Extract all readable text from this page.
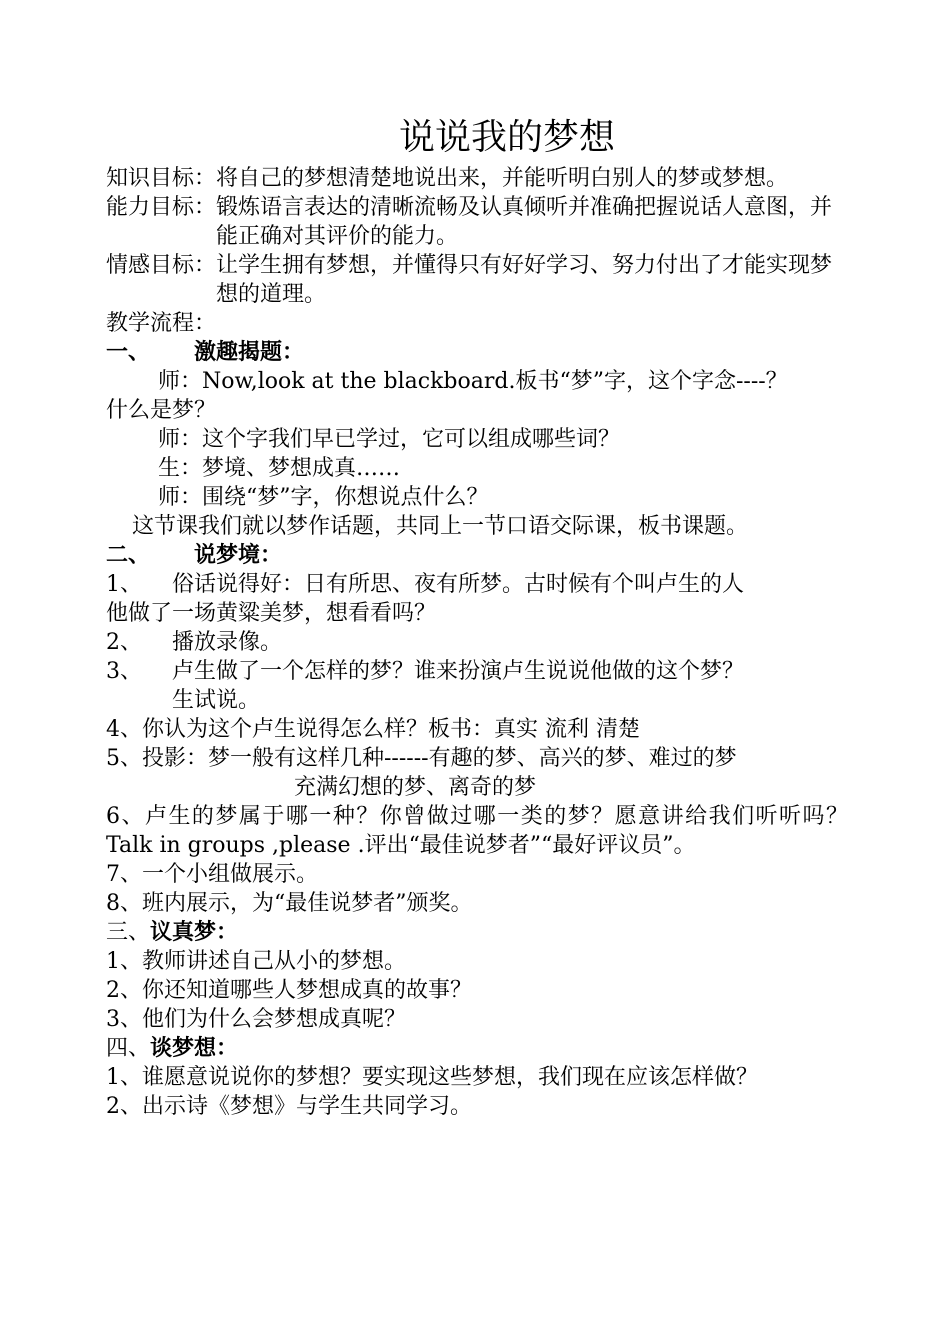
说说我的梦想
知识目标： 将自己的梦想清楚地说出来，并能听明白别人的梦或梦想。
能力目标： 锻炼语言表达的清晰流畅及认真倾听并准确把握说话人意图，并能正确对其评价的能力。
情感目标： 让学生拥有梦想，并懂得只有好好学习、努力付出了才能实现梦想的道理。
教学流程：
一、 激趣揭题：
师：Now,look at the blackboard.板书“梦”字，这个字念----？
什么是梦？
师：这个字我们早已学过，它可以组成哪些词？
生：梦境、梦想成真……
师：围绕“梦”字，你想说点什么？
这节课我们就以梦作话题，共同上一节口语交际课，板书课题。
二、 说梦境：
1、	俗话说得好：日有所思、夜有所梦。古时候有个叫卢生的人
他做了一场黄粱美梦，想看看吗？
2、	播放录像。
3、	卢生做了一个怎样的梦？谁来扮演卢生说说他做的这个梦？
生试说。
4、你认为这个卢生说得怎么样？板书：真实 流利 清楚
5、投影：梦一般有这样几种------有趣的梦、高兴的梦、难过的梦
充满幻想的梦、离奇的梦
6、卢生的梦属于哪一种？你曾做过哪一类的梦？愿意讲给我们听听吗？ Talk in groups ,please .评出“最佳说梦者”“最好评议员”。
7、一个小组做展示。
8、班内展示，为“最佳说梦者”颁奖。
三、议真梦：
1、教师讲述自己从小的梦想。
2、你还知道哪些人梦想成真的故事？
3、他们为什么会梦想成真呢？
四、谈梦想：
1、谁愿意说说你的梦想？要实现这些梦想，我们现在应该怎样做？
2、出示诗《梦想》与学生共同学习。
